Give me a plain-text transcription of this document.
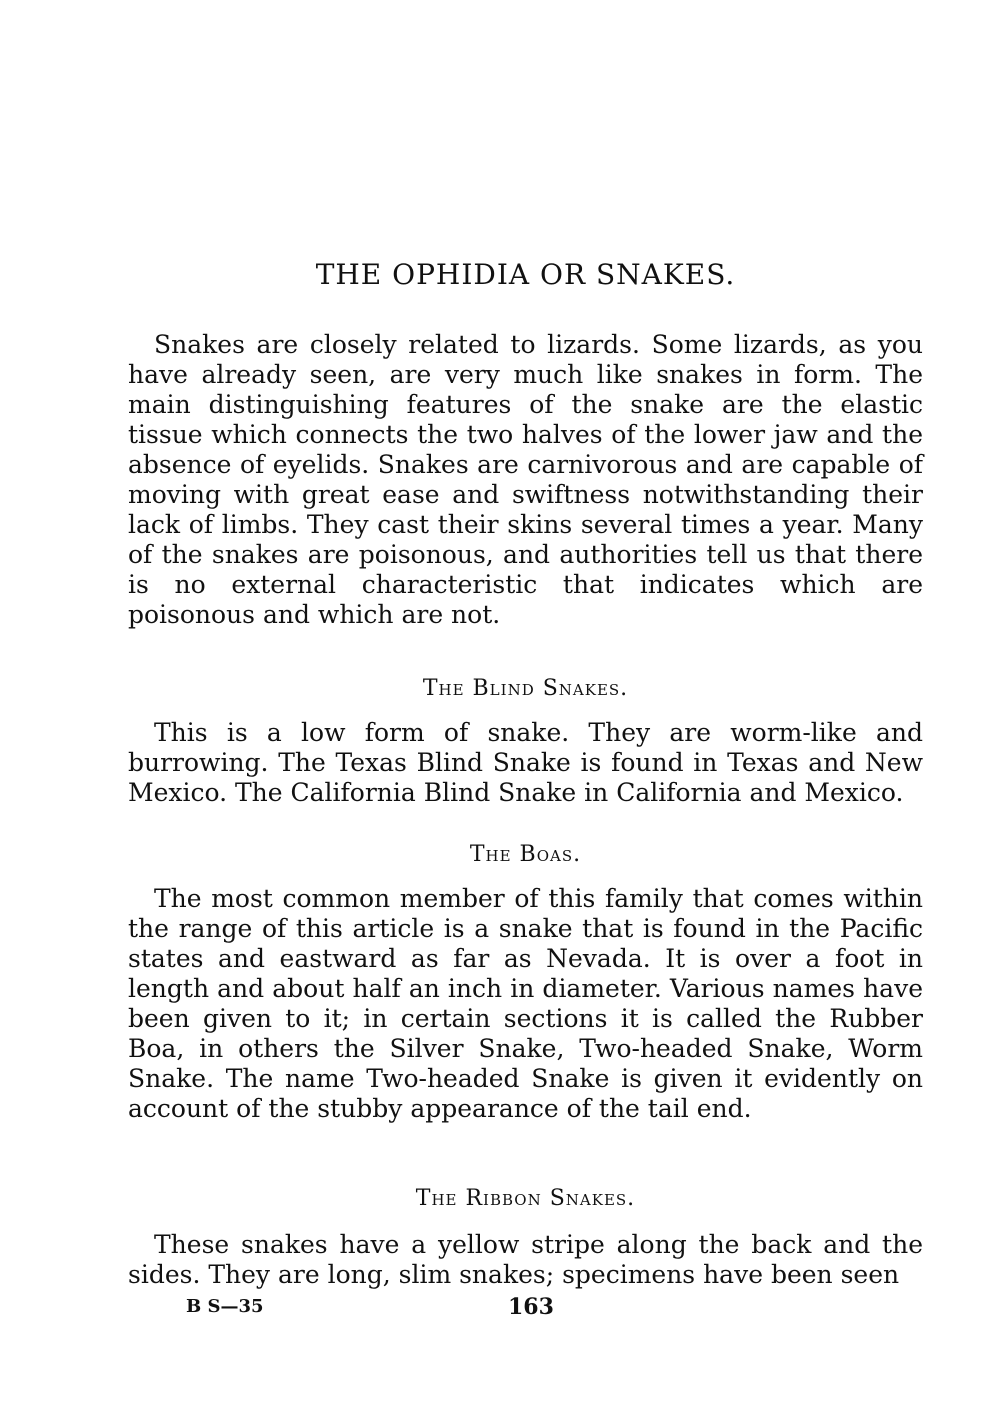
THE OPHIDIA OR SNAKES.

Snakes are closely related to lizards. Some lizards, as you have already seen, are very much like snakes in form. The main distinguishing features of the snake are the elastic tissue which connects the two halves of the lower jaw and the absence of eyelids. Snakes are carnivorous and are capable of moving with great ease and swiftness notwithstanding their lack of limbs. They cast their skins several times a year. Many of the snakes are poisonous, and authorities tell us that there is no external characteristic that indicates which are poisonous and which are not.

The Blind Snakes.

This is a low form of snake. They are worm-like and burrowing. The Texas Blind Snake is found in Texas and New Mexico. The California Blind Snake in California and Mexico.

The Boas.

The most common member of this family that comes within the range of this article is a snake that is found in the Pacific states and eastward as far as Nevada. It is over a foot in length and about half an inch in diameter. Various names have been given to it; in certain sections it is called the Rubber Boa, in others the Silver Snake, Two-headed Snake, Worm Snake. The name Two-headed Snake is given it evidently on account of the stubby appearance of the tail end.

The Ribbon Snakes.

These snakes have a yellow stripe along the back and the sides. They are long, slim snakes; specimens have been seen

B S—35	163
